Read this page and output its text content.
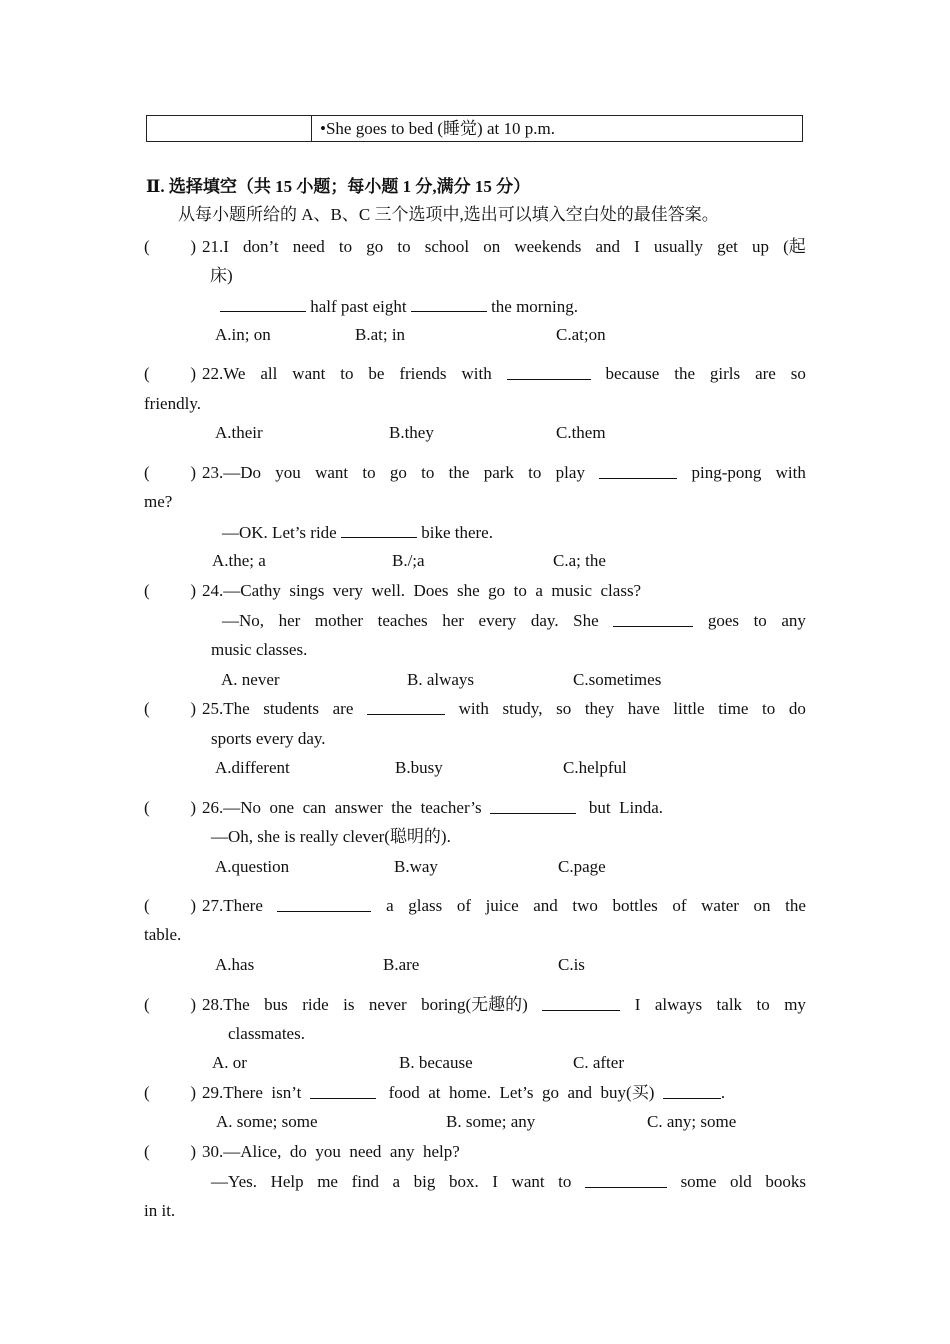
•She goes to bed (睡觉) at 10 p.m.
Ⅱ. 选择填空（共 15 小题；每小题 1 分,满分 15 分）
从每小题所给的 A、B、C 三个选项中,选出可以填入空白处的最佳答案。
( ) 21.I don’t need to go to school on weekends and I usually get up (起
床)
half past eight	the morning.
A.in; on	B.at; in	C.at;on
( ) 22.We all want to be friends with	because the girls are so
friendly.
A.their	B.they	C.them
( ) 23.—Do you want to go to the park to play	ping-pong with
me?
—OK. Let’s ride	bike there.
A.the; a	B./;a	C.a; the
( ) 24.—Cathy  sings  very  well.  Does  she  go  to  a  music  class?
—No, her mother teaches her every day. She	goes to any
music classes.
A. never	B. always	C.sometimes
( ) 25.The students are	with study, so they have little time to do
sports every day.
A.different	B.busy	C.helpful
( ) 26.—No  one  can  answer  the  teacher’s

	but  Linda.
—Oh, she is really clever(聪明的).
A.question	B.way	C.page
( ) 27.There	a glass of juice and two bottles of water on the
table.
A.has	B.are	C.is
( ) 28.The bus ride is never boring(无趣的)	I always talk to my
classmates.
A. or	B. because	C. after
( ) 29.There  isn’t

	food  at  home.  Let’s  go  and  buy(买)
	.
A. some; some	B. some; any	C. any; some
( ) 30.—Alice,  do  you  need  any  help?
—Yes. Help me find a big box. I want to	some old books
in it.
